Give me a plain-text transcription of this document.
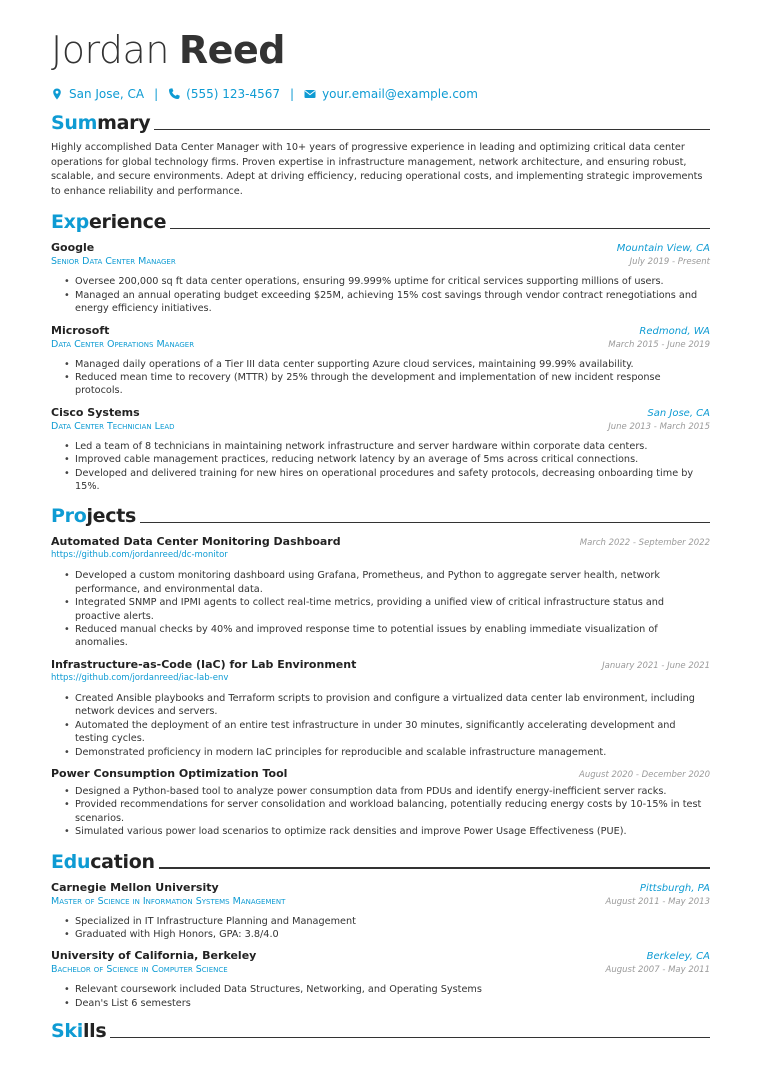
Jordan Reed
San Jose, CA | (555) 123-4567 | your.email@example.com
Summary

Highly accomplished Data Center Manager with 10+ years of progressive experience in leading and optimizing critical data center operations for global technology firms. Proven expertise in infrastructure management, network architecture, and ensuring robust, scalable, and secure environments. Adept at driving efficiency, reducing operational costs, and implementing strategic improvements to enhance reliability and performance.

Experience
Google	Mountain View, CA
Senior Data Center Manager	July 2019 - Present
• Oversee 200,000 sq ft data center operations, ensuring 99.999% uptime for critical services supporting millions of users.
• Managed an annual operating budget exceeding $25M, achieving 15% cost savings through vendor contract renegotiations and energy efficiency initiatives.
Microsoft	Redmond, WA
Data Center Operations Manager	March 2015 - June 2019
• Managed daily operations of a Tier III data center supporting Azure cloud services, maintaining 99.99% availability.
• Reduced mean time to recovery (MTTR) by 25% through the development and implementation of new incident response protocols.
Cisco Systems	San Jose, CA
Data Center Technician Lead	June 2013 - March 2015
• Led a team of 8 technicians in maintaining network infrastructure and server hardware within corporate data centers.
• Improved cable management practices, reducing network latency by an average of 5ms across critical connections.
• Developed and delivered training for new hires on operational procedures and safety protocols, decreasing onboarding time by 15%.
Projects
Automated Data Center Monitoring Dashboard	March 2022 - September 2022
https://github.com/jordanreed/dc-monitor
• Developed a custom monitoring dashboard using Grafana, Prometheus, and Python to aggregate server health, network performance, and environmental data.
• Integrated SNMP and IPMI agents to collect real-time metrics, providing a unified view of critical infrastructure status and proactive alerts.
• Reduced manual checks by 40% and improved response time to potential issues by enabling immediate visualization of anomalies.
Infrastructure-as-Code (IaC) for Lab Environment	January 2021 - June 2021
https://github.com/jordanreed/iac-lab-env
• Created Ansible playbooks and Terraform scripts to provision and configure a virtualized data center lab environment, including network devices and servers.
• Automated the deployment of an entire test infrastructure in under 30 minutes, significantly accelerating development and testing cycles.
• Demonstrated proficiency in modern IaC principles for reproducible and scalable infrastructure management.
Power Consumption Optimization Tool	August 2020 - December 2020
• Designed a Python-based tool to analyze power consumption data from PDUs and identify energy-inefficient server racks.
• Provided recommendations for server consolidation and workload balancing, potentially reducing energy costs by 10-15% in test scenarios.
• Simulated various power load scenarios to optimize rack densities and improve Power Usage Effectiveness (PUE).
Education
Carnegie Mellon University	Pittsburgh, PA
Master of Science in Information Systems Management	August 2011 - May 2013
• Specialized in IT Infrastructure Planning and Management
• Graduated with High Honors, GPA: 3.8/4.0
University of California, Berkeley	Berkeley, CA
Bachelor of Science in Computer Science	August 2007 - May 2011
• Relevant coursework included Data Structures, Networking, and Operating Systems
• Dean's List 6 semesters
Skills
